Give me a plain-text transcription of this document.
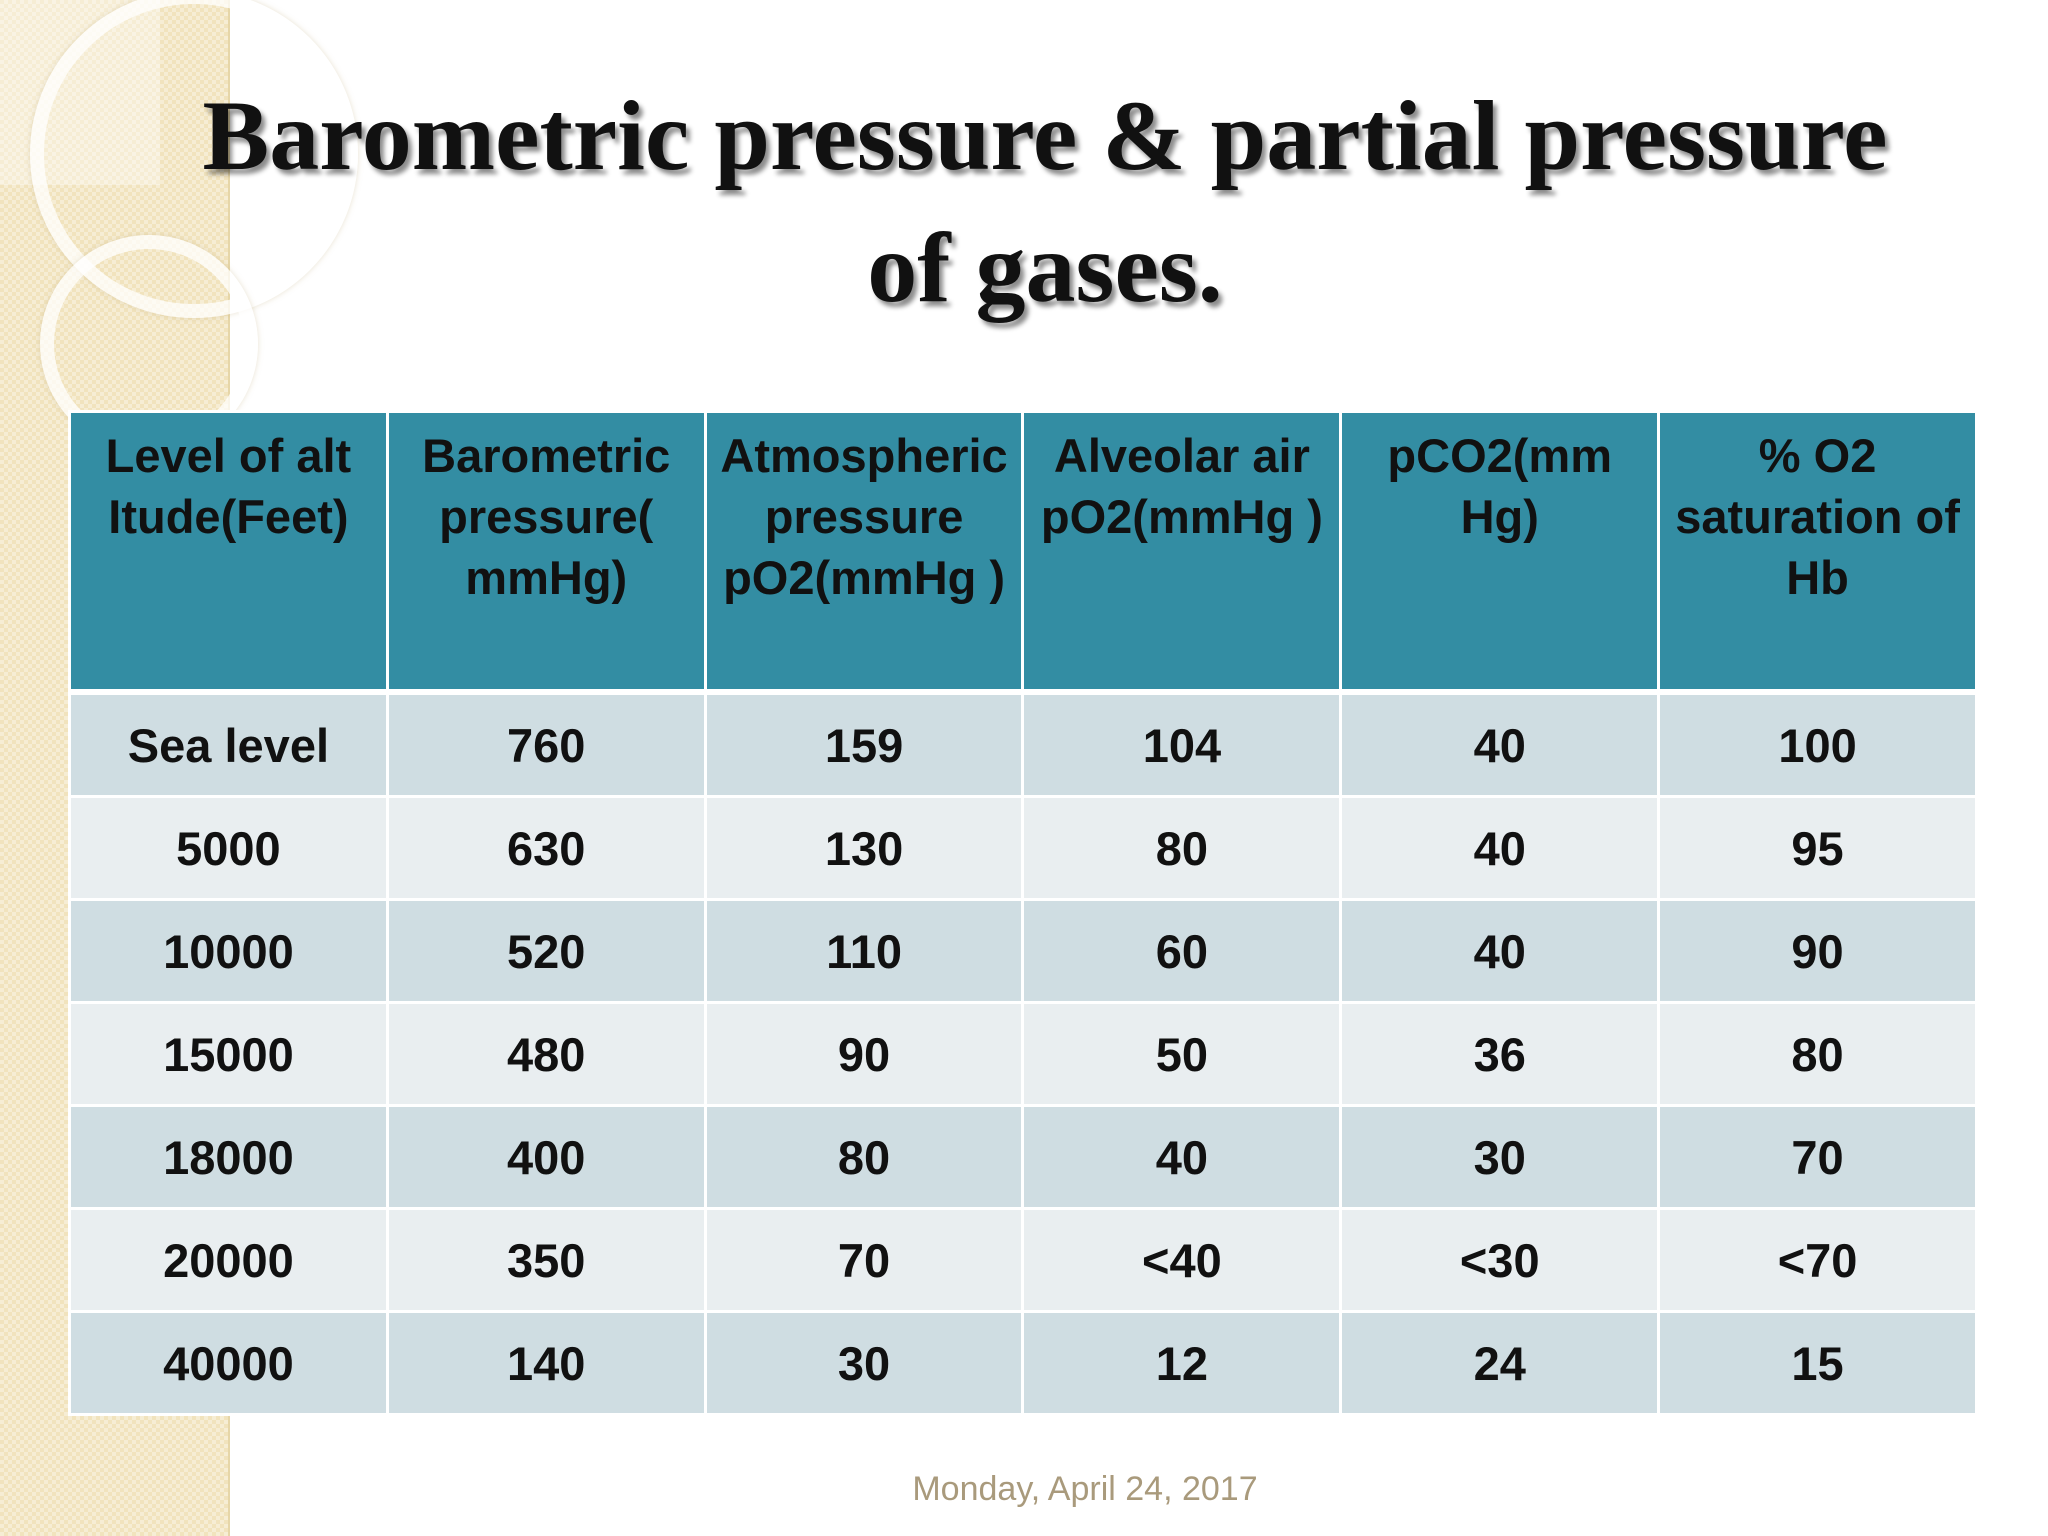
Barometric pressure & partial pressure
of gases.
Level of alt Itude(Feet)	Barometric pressure( mmHg)	Atmospheric pressure pO2(mmHg )	Alveolar air pO2(mmHg )	pCO2(mm Hg)	% O2 saturation of Hb
Sea level	760	159	104	40	100
5000	630	130	80	40	95
10000	520	110	60	40	90
15000	480	90	50	36	80
18000	400	80	40	30	70
20000	350	70	<40	<30	<70
40000	140	30	12	24	15
Monday, April 24, 2017
